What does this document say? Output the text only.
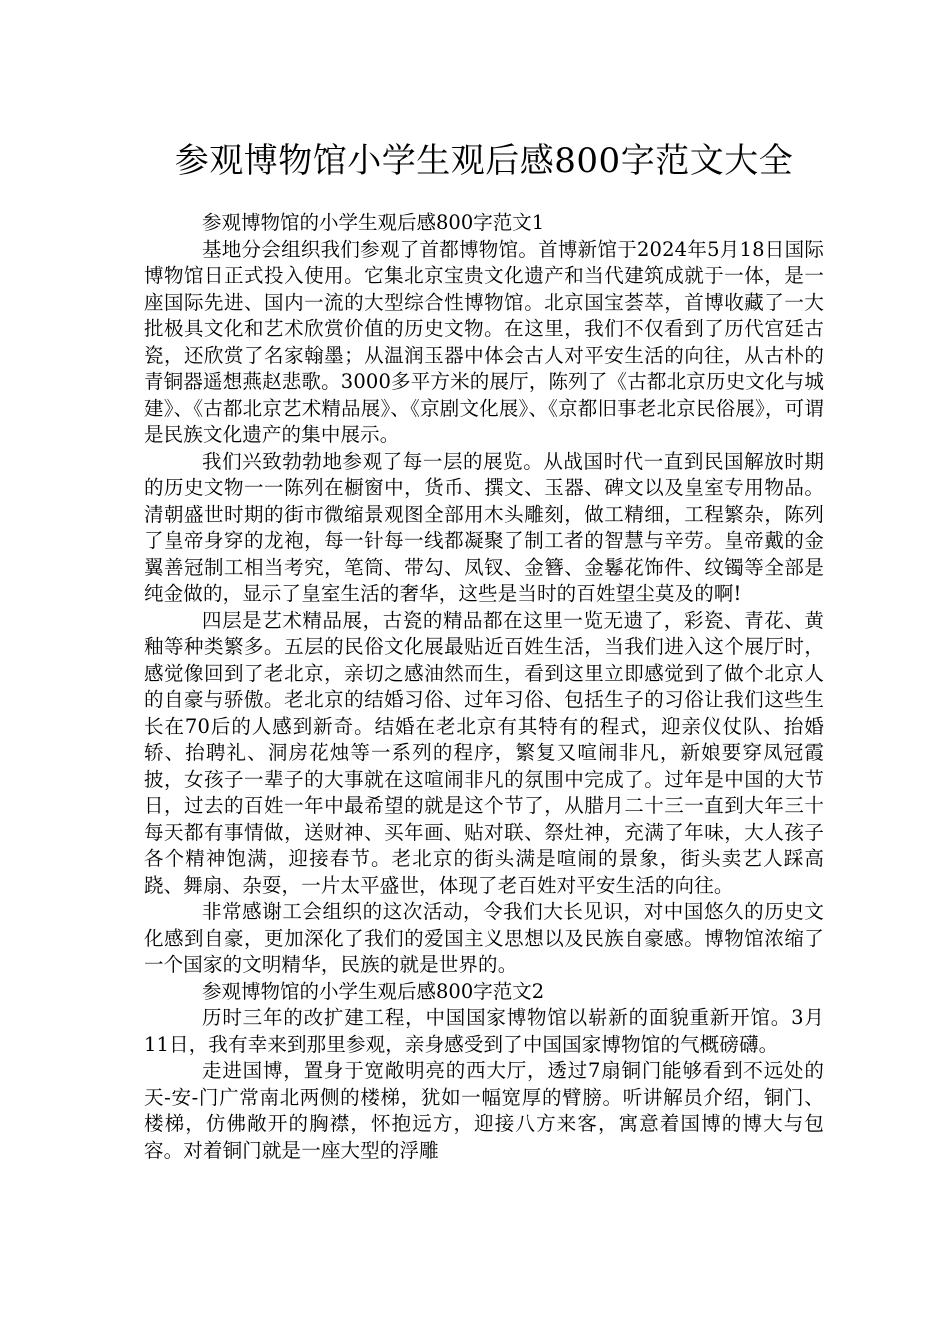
参观博物馆小学生观后感800字范文大全

参观博物馆的小学生观后感800字范文1

基地分会组织我们参观了首都博物馆。首博新馆于2024年5月18日国际博物馆日正式投入使用。它集北京宝贵文化遗产和当代建筑成就于一体，是一座国际先进、国内一流的大型综合性博物馆。北京国宝荟萃，首博收藏了一大批极具文化和艺术欣赏价值的历史文物。在这里，我们不仅看到了历代宫廷古瓷，还欣赏了名家翰墨；从温润玉器中体会古人对平安生活的向往，从古朴的青铜器遥想燕赵悲歌。3000多平方米的展厅，陈列了《古都北京历史文化与城建》、《古都北京艺术精品展》、《京剧文化展》、《京都旧事老北京民俗展》，可谓是民族文化遗产的集中展示。

我们兴致勃勃地参观了每一层的展览。从战国时代一直到民国解放时期的历史文物一一陈列在橱窗中，货币、撰文、玉器、碑文以及皇室专用物品。清朝盛世时期的街市微缩景观图全部用木头雕刻，做工精细，工程繁杂，陈列了皇帝身穿的龙袍，每一针每一线都凝聚了制工者的智慧与辛劳。皇帝戴的金翼善冠制工相当考究，笔筒、带勾、凤钗、金簪、金鬈花饰件、纹镯等全部是纯金做的，显示了皇室生活的奢华，这些是当时的百姓望尘莫及的啊!

四层是艺术精品展，古瓷的精品都在这里一览无遗了，彩瓷、青花、黄釉等种类繁多。五层的民俗文化展最贴近百姓生活，当我们进入这个展厅时，感觉像回到了老北京，亲切之感油然而生，看到这里立即感觉到了做个北京人的自豪与骄傲。老北京的结婚习俗、过年习俗、包括生子的习俗让我们这些生长在70后的人感到新奇。结婚在老北京有其特有的程式，迎亲仪仗队、抬婚轿、抬聘礼、洞房花烛等一系列的程序，繁复又喧闹非凡，新娘要穿凤冠霞披，女孩子一辈子的大事就在这喧闹非凡的氛围中完成了。过年是中国的大节日，过去的百姓一年中最希望的就是这个节了，从腊月二十三一直到大年三十每天都有事情做，送财神、买年画、贴对联、祭灶神，充满了年味，大人孩子各个精神饱满，迎接春节。老北京的街头满是喧闹的景象，街头卖艺人踩高跷、舞扇、杂耍，一片太平盛世，体现了老百姓对平安生活的向往。

非常感谢工会组织的这次活动，令我们大长见识，对中国悠久的历史文化感到自豪，更加深化了我们的爱国主义思想以及民族自豪感。博物馆浓缩了一个国家的文明精华，民族的就是世界的。

参观博物馆的小学生观后感800字范文2

历时三年的改扩建工程，中国国家博物馆以崭新的面貌重新开馆。3月11日，我有幸来到那里参观，亲身感受到了中国国家博物馆的气概磅礴。

走进国博，置身于宽敞明亮的西大厅，透过7扇铜门能够看到不远处的天-安-门广常南北两侧的楼梯，犹如一幅宽厚的臂膀。听讲解员介绍，铜门、楼梯，仿佛敞开的胸襟，怀抱远方，迎接八方来客，寓意着国博的博大与包容。对着铜门就是一座大型的浮雕
